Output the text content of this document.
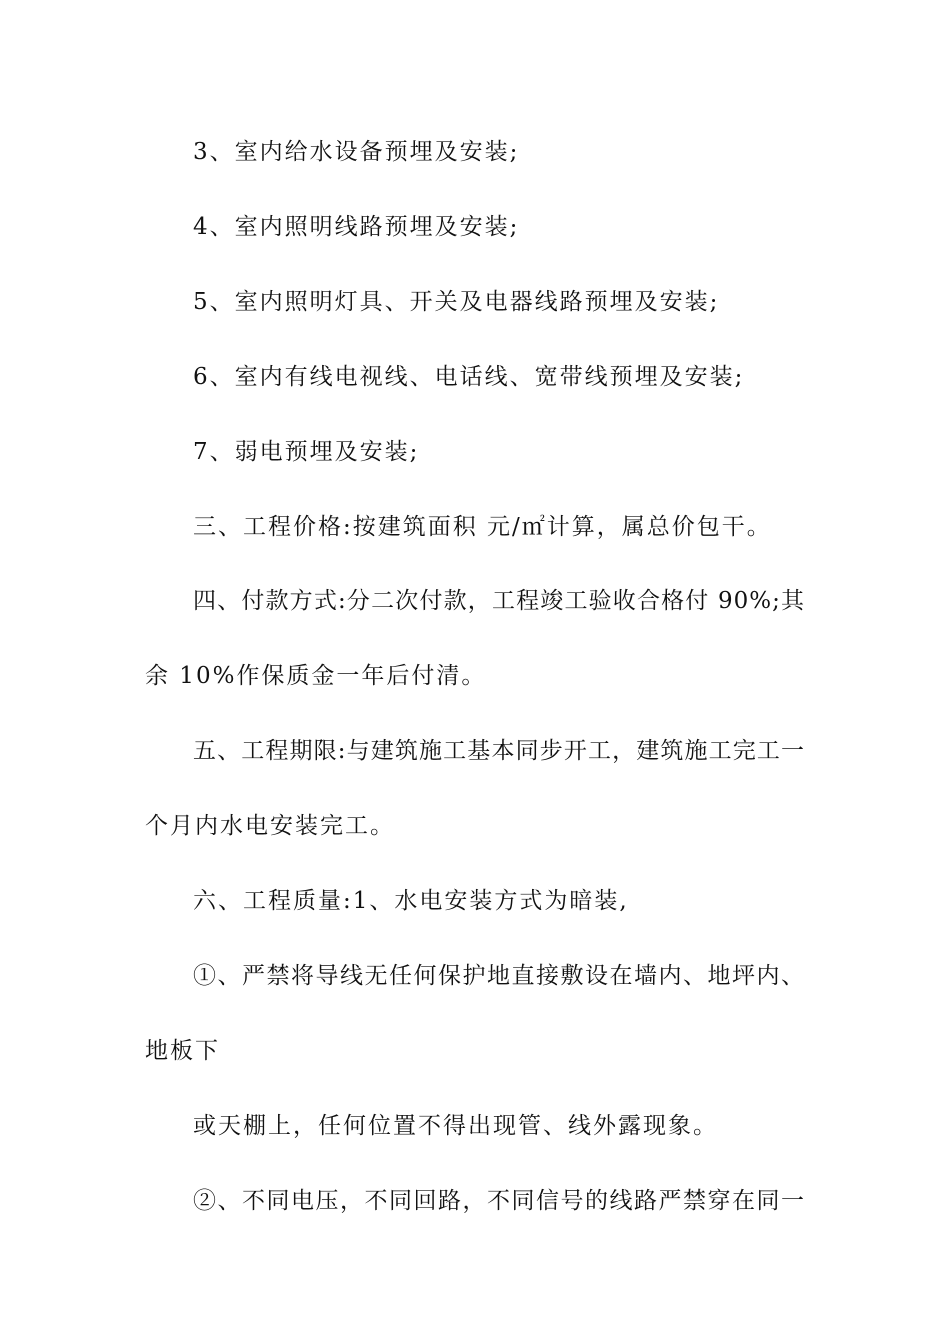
3、室内给水设备预埋及安装;
4、室内照明线路预埋及安装;
5、室内照明灯具、开关及电器线路预埋及安装;
6、室内有线电视线、电话线、宽带线预埋及安装;
7、弱电预埋及安装;
三、工程价格:按建筑面积 元/㎡计算，属总价包干。
四、付款方式:分二次付款，工程竣工验收合格付 90%;其
余 10%作保质金一年后付清。
五、工程期限:与建筑施工基本同步开工，建筑施工完工一
个月内水电安装完工。
六、工程质量:1、水电安装方式为暗装,
①、严禁将导线无任何保护地直接敷设在墙内、地坪内、
地板下
或天棚上，任何位置不得出现管、线外露现象。
②、不同电压，不同回路，不同信号的线路严禁穿在同一
